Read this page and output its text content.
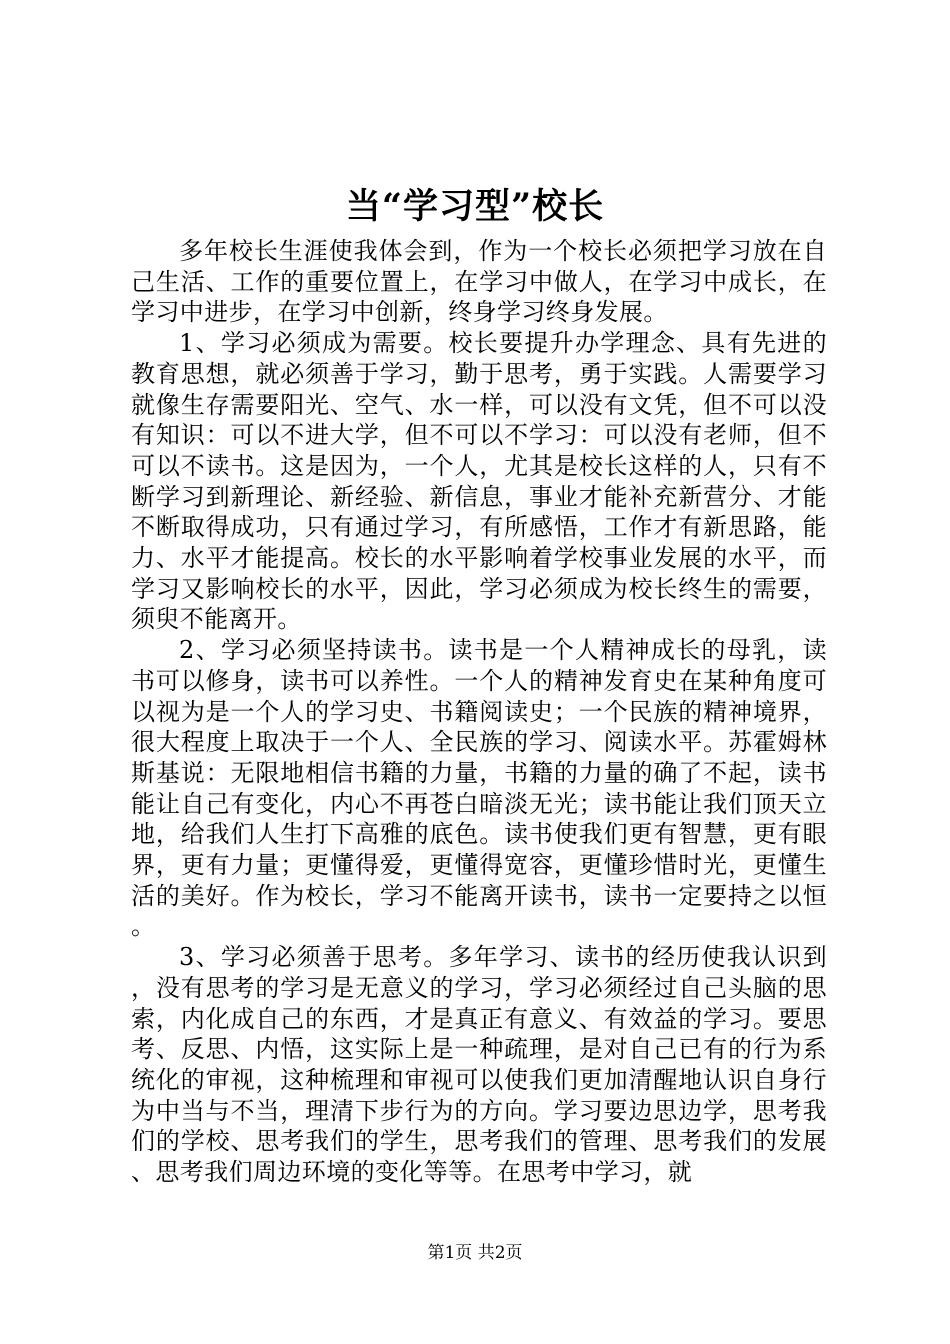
当“学习型”校长

多年校长生涯使我体会到，作为一个校长必须把学习放在自己生活、工作的重要位置上，在学习中做人，在学习中成长，在学习中进步，在学习中创新，终身学习终身发展。

1、学习必须成为需要。校长要提升办学理念、具有先进的教育思想，就必须善于学习，勤于思考，勇于实践。人需要学习就像生存需要阳光、空气、水一样，可以没有文凭，但不可以没有知识：可以不进大学，但不可以不学习：可以没有老师，但不可以不读书。这是因为，一个人，尤其是校长这样的人，只有不断学习到新理论、新经验、新信息，事业才能补充新营分、才能不断取得成功，只有通过学习，有所感悟，工作才有新思路，能力、水平才能提高。校长的水平影响着学校事业发展的水平，而学习又影响校长的水平，因此，学习必须成为校长终生的需要，须臾不能离开。

2、学习必须坚持读书。读书是一个人精神成长的母乳，读书可以修身，读书可以养性。一个人的精神发育史在某种角度可以视为是一个人的学习史、书籍阅读史；一个民族的精神境界，很大程度上取决于一个人、全民族的学习、阅读水平。苏霍姆林斯基说：无限地相信书籍的力量，书籍的力量的确了不起，读书能让自己有变化，内心不再苍白暗淡无光；读书能让我们顶天立地，给我们人生打下高雅的底色。读书使我们更有智慧，更有眼界，更有力量；更懂得爱，更懂得宽容，更懂珍惜时光，更懂生活的美好。作为校长，学习不能离开读书，读书一定要持之以恒。

3、学习必须善于思考。多年学习、读书的经历使我认识到，没有思考的学习是无意义的学习，学习必须经过自己头脑的思索，内化成自己的东西，才是真正有意义、有效益的学习。要思考、反思、内悟，这实际上是一种疏理，是对自己已有的行为系统化的审视，这种梳理和审视可以使我们更加清醒地认识自身行为中当与不当，理清下步行为的方向。学习要边思边学，思考我们的学校、思考我们的学生，思考我们的管理、思考我们的发展、思考我们周边环境的变化等等。在思考中学习，就

第1页 共2页
